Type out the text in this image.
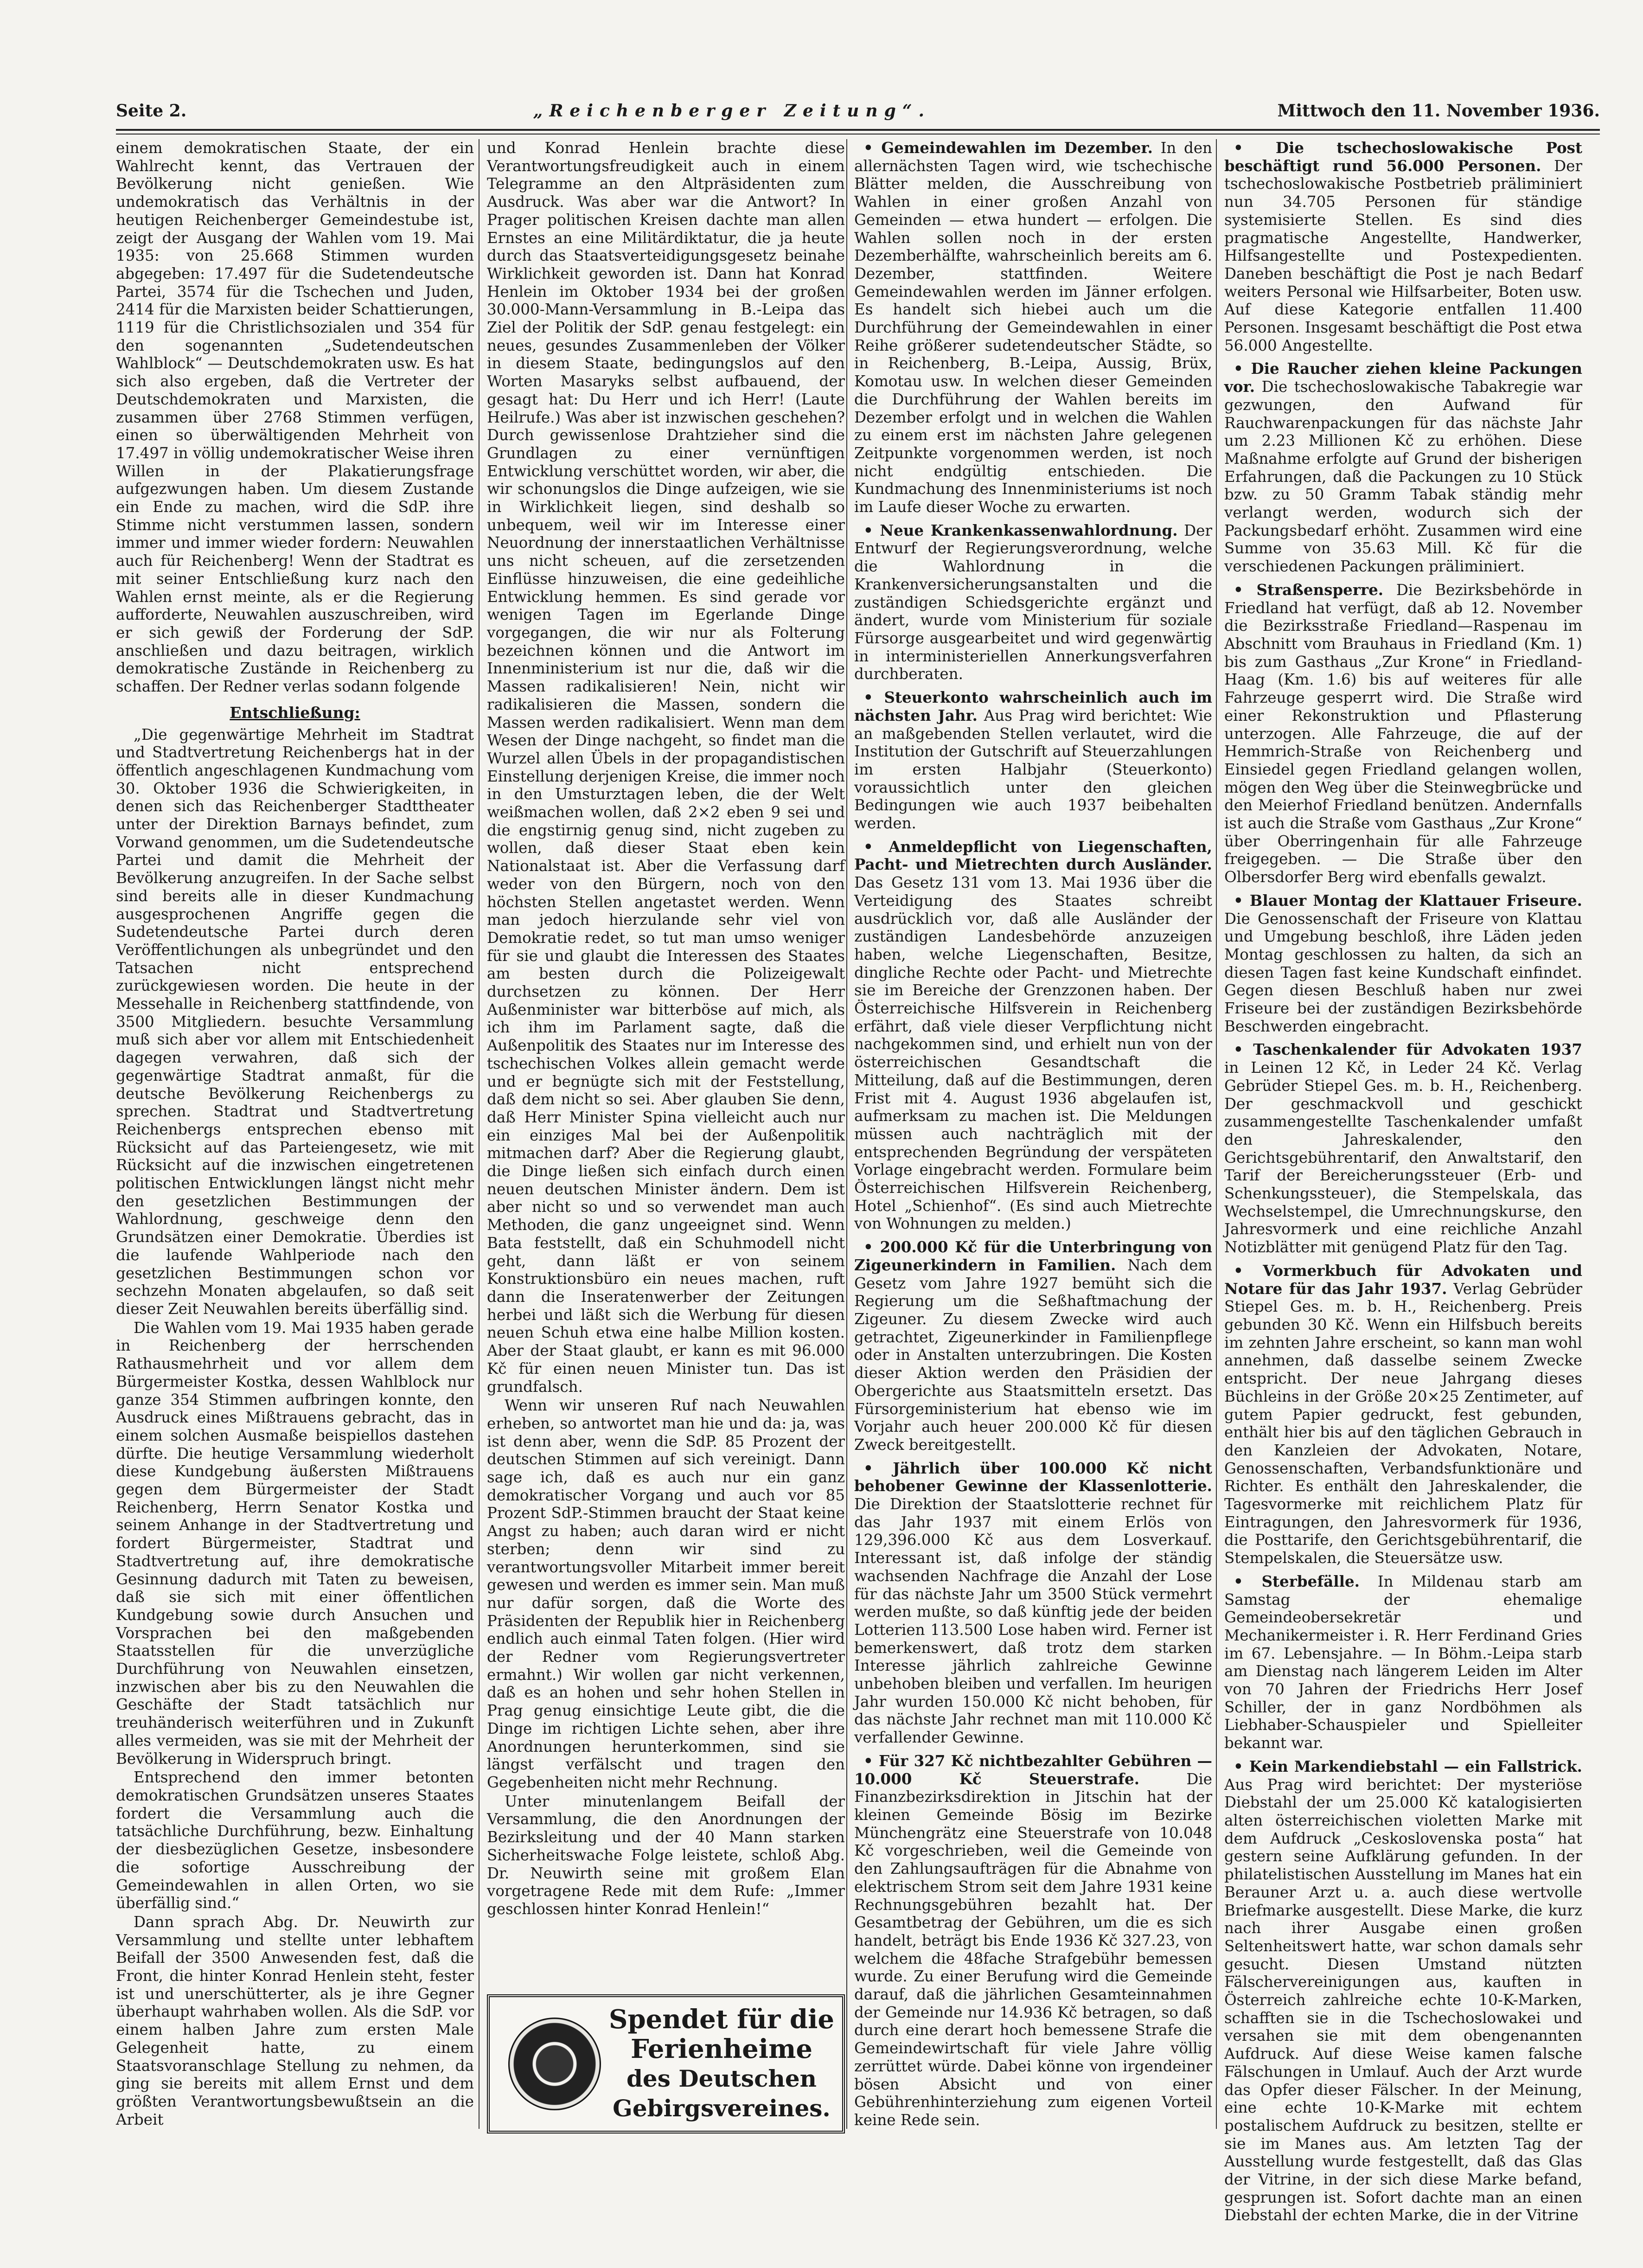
Seite 2.	„Reichenberger Zeitung“.	Mittwoch den 11. November 1936.

einem demokratischen Staate, der ein Wahlrecht kennt, das Vertrauen der Bevölkerung nicht genießen. Wie undemokratisch das Verhältnis in der heutigen Reichenberger Gemeindestube ist, zeigt der Ausgang der Wahlen vom 19. Mai 1935: von 25.668 Stimmen wurden abgegeben: 17.497 für die Sudetendeutsche Partei, 3574 für die Tschechen und Juden, 2414 für die Marxisten beider Schattierungen, 1119 für die Christlichsozialen und 354 für den sogenannten „Sudetendeutschen Wahlblock“ — Deutschdemokraten usw. Es hat sich also ergeben, daß die Vertreter der Deutschdemokraten und Marxisten, die zusammen über 2768 Stimmen verfügen, einen so überwältigenden Mehrheit von 17.497 in völlig undemokratischer Weise ihren Willen in der Plakatierungsfrage aufgezwungen haben. Um diesem Zustande ein Ende zu machen, wird die SdP. ihre Stimme nicht verstummen lassen, sondern immer und immer wieder fordern: Neuwahlen auch für Reichenberg! Wenn der Stadtrat es mit seiner Entschließung kurz nach den Wahlen ernst meinte, als er die Regierung aufforderte, Neuwahlen auszuschreiben, wird er sich gewiß der Forderung der SdP. anschließen und dazu beitragen, wirklich demokratische Zustände in Reichenberg zu schaffen. Der Redner verlas sodann folgende

Entschließung:

„Die gegenwärtige Mehrheit im Stadtrat und Stadtvertretung Reichenbergs hat in der öffentlich angeschlagenen Kundmachung vom 30. Oktober 1936 die Schwierigkeiten, in denen sich das Reichenberger Stadttheater unter der Direktion Barnays befindet, zum Vorwand genommen, um die Sudetendeutsche Partei und damit die Mehrheit der Bevölkerung anzugreifen. In der Sache selbst sind bereits alle in dieser Kundmachung ausgesprochenen Angriffe gegen die Sudetendeutsche Partei durch deren Veröffentlichungen als unbegründet und den Tatsachen nicht entsprechend zurückgewiesen worden. Die heute in der Messehalle in Reichenberg stattfindende, von 3500 Mitgliedern. besuchte Versammlung muß sich aber vor allem mit Entschiedenheit dagegen verwahren, daß sich der gegenwärtige Stadtrat anmaßt, für die deutsche Bevölkerung Reichenbergs zu sprechen. Stadtrat und Stadtvertretung Reichenbergs entsprechen ebenso mit Rücksicht auf das Parteiengesetz, wie mit Rücksicht auf die inzwischen eingetretenen politischen Entwicklungen längst nicht mehr den gesetzlichen Bestimmungen der Wahlordnung, geschweige denn den Grundsätzen einer Demokratie. Überdies ist die laufende Wahlperiode nach den gesetzlichen Bestimmungen schon vor sechzehn Monaten abgelaufen, so daß seit dieser Zeit Neuwahlen bereits überfällig sind.

Die Wahlen vom 19. Mai 1935 haben gerade in Reichenberg der herrschenden Rathausmehrheit und vor allem dem Bürgermeister Kostka, dessen Wahlblock nur ganze 354 Stimmen aufbringen konnte, den Ausdruck eines Mißtrauens gebracht, das in einem solchen Ausmaße beispiellos dastehen dürfte. Die heutige Versammlung wiederholt diese Kundgebung äußersten Mißtrauens gegen dem Bürgermeister der Stadt Reichenberg, Herrn Senator Kostka und seinem Anhange in der Stadtvertretung und fordert Bürgermeister, Stadtrat und Stadtvertretung auf, ihre demokratische Gesinnung dadurch mit Taten zu beweisen, daß sie sich mit einer öffentlichen Kundgebung sowie durch Ansuchen und Vorsprachen bei den maßgebenden Staatsstellen für die unverzügliche Durchführung von Neuwahlen einsetzen, inzwischen aber bis zu den Neuwahlen die Geschäfte der Stadt tatsächlich nur treuhänderisch weiterführen und in Zukunft alles vermeiden, was sie mit der Mehrheit der Bevölkerung in Widerspruch bringt.

Entsprechend den immer betonten demokratischen Grundsätzen unseres Staates fordert die Versammlung auch die tatsächliche Durchführung, bezw. Einhaltung der diesbezüglichen Gesetze, insbesondere die sofortige Ausschreibung der Gemeindewahlen in allen Orten, wo sie überfällig sind.“

Dann sprach Abg. Dr. Neuwirth zur Versammlung und stellte unter lebhaftem Beifall der 3500 Anwesenden fest, daß die Front, die hinter Konrad Henlein steht, fester ist und unerschütterter, als je ihre Gegner überhaupt wahrhaben wollen. Als die SdP. vor einem halben Jahre zum ersten Male Gelegenheit hatte, zu einem Staatsvoranschlage Stellung zu nehmen, da ging sie bereits mit allem Ernst und dem größten Verantwortungsbewußtsein an die Arbeit

und Konrad Henlein brachte diese Verantwortungsfreudigkeit auch in einem Telegramme an den Altpräsidenten zum Ausdruck. Was aber war die Antwort? In Prager politischen Kreisen dachte man allen Ernstes an eine Militärdiktatur, die ja heute durch das Staatsverteidigungsgesetz beinahe Wirklichkeit geworden ist. Dann hat Konrad Henlein im Oktober 1934 bei der großen 30.000-Mann-Versammlung in B.-Leipa das Ziel der Politik der SdP. genau festgelegt: ein neues, gesundes Zusammenleben der Völker in diesem Staate, bedingungslos auf den Worten Masaryks selbst aufbauend, der gesagt hat: Du Herr und ich Herr! (Laute Heilrufe.) Was aber ist inzwischen geschehen? Durch gewissenlose Drahtzieher sind die Grundlagen zu einer vernünftigen Entwicklung verschüttet worden, wir aber, die wir schonungslos die Dinge aufzeigen, wie sie in Wirklichkeit liegen, sind deshalb so unbequem, weil wir im Interesse einer Neuordnung der innerstaatlichen Verhältnisse uns nicht scheuen, auf die zersetzenden Einflüsse hinzuweisen, die eine gedeihliche Entwicklung hemmen. Es sind gerade vor wenigen Tagen im Egerlande Dinge vorgegangen, die wir nur als Folterung bezeichnen können und die Antwort im Innenministerium ist nur die, daß wir die Massen radikalisieren! Nein, nicht wir radikalisieren die Massen, sondern die Massen werden radikalisiert. Wenn man dem Wesen der Dinge nachgeht, so findet man die Wurzel allen Übels in der propagandistischen Einstellung derjenigen Kreise, die immer noch in den Umsturztagen leben, die der Welt weißmachen wollen, daß 2×2 eben 9 sei und die engstirnig genug sind, nicht zugeben zu wollen, daß dieser Staat eben kein Nationalstaat ist. Aber die Verfassung darf weder von den Bürgern, noch von den höchsten Stellen angetastet werden. Wenn man jedoch hierzulande sehr viel von Demokratie redet, so tut man umso weniger für sie und glaubt die Interessen des Staates am besten durch die Polizeigewalt durchsetzen zu können. Der Herr Außenminister war bitterböse auf mich, als ich ihm im Parlament sagte, daß die Außenpolitik des Staates nur im Interesse des tschechischen Volkes allein gemacht werde und er begnügte sich mit der Feststellung, daß dem nicht so sei. Aber glauben Sie denn, daß Herr Minister Spina vielleicht auch nur ein einziges Mal bei der Außenpolitik mitmachen darf? Aber die Regierung glaubt, die Dinge ließen sich einfach durch einen neuen deutschen Minister ändern. Dem ist aber nicht so und so verwendet man auch Methoden, die ganz ungeeignet sind. Wenn Bata feststellt, daß ein Schuhmodell nicht geht, dann läßt er von seinem Konstruktionsbüro ein neues machen, ruft dann die Inseratenwerber der Zeitungen herbei und läßt sich die Werbung für diesen neuen Schuh etwa eine halbe Million kosten. Aber der Staat glaubt, er kann es mit 96.000 Kč für einen neuen Minister tun. Das ist grundfalsch.

Wenn wir unseren Ruf nach Neuwahlen erheben, so antwortet man hie und da: ja, was ist denn aber, wenn die SdP. 85 Prozent der deutschen Stimmen auf sich vereinigt. Dann sage ich, daß es auch nur ein ganz demokratischer Vorgang und auch vor 85 Prozent SdP.-Stimmen braucht der Staat keine Angst zu haben; auch daran wird er nicht sterben; denn wir sind zu verantwortungsvoller Mitarbeit immer bereit gewesen und werden es immer sein. Man muß nur dafür sorgen, daß die Worte des Präsidenten der Republik hier in Reichenberg endlich auch einmal Taten folgen. (Hier wird der Redner vom Regierungsvertreter ermahnt.) Wir wollen gar nicht verkennen, daß es an hohen und sehr hohen Stellen in Prag genug einsichtige Leute gibt, die die Dinge im richtigen Lichte sehen, aber ihre Anordnungen herunterkommen, sind sie längst verfälscht und tragen den Gegebenheiten nicht mehr Rechnung.

Unter minutenlangem Beifall der Versammlung, die den Anordnungen der Bezirksleitung und der 40 Mann starken Sicherheitswache Folge leistete, schloß Abg. Dr. Neuwirth seine mit großem Elan vorgetragene Rede mit dem Rufe: „Immer geschlossen hinter Konrad Henlein!“

Spendet für die
Ferienheime
des Deutschen
Gebirgsvereines.
• Gemeindewahlen im Dezember. In den allernächsten Tagen wird, wie tschechische Blätter melden, die Ausschreibung von Wahlen in einer großen Anzahl von Gemeinden — etwa hundert — erfolgen. Die Wahlen sollen noch in der ersten Dezemberhälfte, wahrscheinlich bereits am 6. Dezember, stattfinden. Weitere Gemeindewahlen werden im Jänner erfolgen. Es handelt sich hiebei auch um die Durchführung der Gemeindewahlen in einer Reihe größerer sudetendeutscher Städte, so in Reichenberg, B.-Leipa, Aussig, Brüx, Komotau usw. In welchen dieser Gemeinden die Durchführung der Wahlen bereits im Dezember erfolgt und in welchen die Wahlen zu einem erst im nächsten Jahre gelegenen Zeitpunkte vorgenommen werden, ist noch nicht endgültig entschieden. Die Kundmachung des Innenministeriums ist noch im Laufe dieser Woche zu erwarten.
• Neue Krankenkassenwahlordnung. Der Entwurf der Regierungsverordnung, welche die Wahlordnung in die Krankenversicherungsanstalten und die zuständigen Schiedsgerichte ergänzt und ändert, wurde vom Ministerium für soziale Fürsorge ausgearbeitet und wird gegenwärtig in interministeriellen Annerkungsverfahren durchberaten.
• Steuerkonto wahrscheinlich auch im nächsten Jahr. Aus Prag wird berichtet: Wie an maßgebenden Stellen verlautet, wird die Institution der Gutschrift auf Steuerzahlungen im ersten Halbjahr (Steuerkonto) voraussichtlich unter den gleichen Bedingungen wie auch 1937 beibehalten werden.
• Anmeldepflicht von Liegenschaften, Pacht- und Mietrechten durch Ausländer. Das Gesetz 131 vom 13. Mai 1936 über die Verteidigung des Staates schreibt ausdrücklich vor, daß alle Ausländer der zuständigen Landesbehörde anzuzeigen haben, welche Liegenschaften, Besitze, dingliche Rechte oder Pacht- und Mietrechte sie im Bereiche der Grenzzonen haben. Der Österreichische Hilfsverein in Reichenberg erfährt, daß viele dieser Verpflichtung nicht nachgekommen sind, und erhielt nun von der österreichischen Gesandtschaft die Mitteilung, daß auf die Bestimmungen, deren Frist mit 4. August 1936 abgelaufen ist, aufmerksam zu machen ist. Die Meldungen müssen auch nachträglich mit der entsprechenden Begründung der verspäteten Vorlage eingebracht werden. Formulare beim Österreichischen Hilfsverein Reichenberg, Hotel „Schienhof“. (Es sind auch Mietrechte von Wohnungen zu melden.)
• 200.000 Kč für die Unterbringung von Zigeunerkindern in Familien. Nach dem Gesetz vom Jahre 1927 bemüht sich die Regierung um die Seßhaftmachung der Zigeuner. Zu diesem Zwecke wird auch getrachtet, Zigeunerkinder in Familienpflege oder in Anstalten unterzubringen. Die Kosten dieser Aktion werden den Präsidien der Obergerichte aus Staatsmitteln ersetzt. Das Fürsorgeministerium hat ebenso wie im Vorjahr auch heuer 200.000 Kč für diesen Zweck bereitgestellt.
• Jährlich über 100.000 Kč nicht behobener Gewinne der Klassenlotterie. Die Direktion der Staatslotterie rechnet für das Jahr 1937 mit einem Erlös von 129,396.000 Kč aus dem Losverkauf. Interessant ist, daß infolge der ständig wachsenden Nachfrage die Anzahl der Lose für das nächste Jahr um 3500 Stück vermehrt werden mußte, so daß künftig jede der beiden Lotterien 113.500 Lose haben wird. Ferner ist bemerkenswert, daß trotz dem starken Interesse jährlich zahlreiche Gewinne unbehoben bleiben und verfallen. Im heurigen Jahr wurden 150.000 Kč nicht behoben, für das nächste Jahr rechnet man mit 110.000 Kč verfallender Gewinne.
• Für 327 Kč nichtbezahlter Gebühren — 10.000 Kč Steuerstrafe.	Die Finanzbezirksdirektion in Jitschin hat der kleinen Gemeinde Bösig im Bezirke Münchengrätz eine Steuerstrafe von 10.048 Kč vorgeschrieben, weil die Gemeinde von den Zahlungsaufträgen für die Abnahme von elektrischem Strom seit dem Jahre 1931 keine Rechnungsgebühren bezahlt hat. Der Gesamtbetrag der Gebühren, um die es sich handelt, beträgt bis Ende 1936 Kč 327.23, von welchem die 48fache Strafgebühr bemessen wurde. Zu einer Berufung wird die Gemeinde darauf, daß die jährlichen Gesamteinnahmen der Gemeinde nur 14.936 Kč betragen, so daß durch eine derart hoch bemessene Strafe die Gemeindewirtschaft für viele Jahre völlig zerrüttet würde. Dabei könne von irgendeiner bösen Absicht und von einer Gebührenhinterziehung zum eigenen Vorteil keine Rede sein.
• Die tschechoslowakische Post beschäftigt rund 56.000 Personen. Der tschechoslowakische Postbetrieb präliminiert nun 34.705 Personen für ständige systemisierte Stellen. Es sind dies pragmatische Angestellte, Handwerker, Hilfsangestellte und Postexpedienten. Daneben beschäftigt die Post je nach Bedarf weiters Personal wie Hilfsarbeiter, Boten usw. Auf diese Kategorie entfallen 11.400 Personen. Insgesamt beschäftigt die Post etwa 56.000 Angestellte.
• Die Raucher ziehen kleine Packungen vor. Die tschechoslowakische Tabakregie war gezwungen, den Aufwand für Rauchwarenpackungen für das nächste Jahr um 2.23 Millionen Kč zu erhöhen. Diese Maßnahme erfolgte auf Grund der bisherigen Erfahrungen, daß die Packungen zu 10 Stück bzw. zu 50 Gramm Tabak ständig mehr verlangt werden, wodurch sich der Packungsbedarf erhöht. Zusammen wird eine Summe von 35.63 Mill. Kč für die verschiedenen Packungen präliminiert.
• Straßensperre. Die Bezirksbehörde in Friedland hat verfügt, daß ab 12. November die Bezirksstraße Friedland—Raspenau im Abschnitt vom Brauhaus in Friedland (Km. 1) bis zum Gasthaus „Zur Krone“ in Friedland-Haag (Km. 1.6) bis auf weiteres für alle Fahrzeuge gesperrt wird. Die Straße wird einer Rekonstruktion und Pflasterung unterzogen. Alle Fahrzeuge, die auf der Hemmrich-Straße von Reichenberg und Einsiedel gegen Friedland gelangen wollen, mögen den Weg über die Steinwegbrücke und den Meierhof Friedland benützen. Andernfalls ist auch die Straße vom Gasthaus „Zur Krone“ über Oberringenhain für alle Fahrzeuge freigegeben. — Die Straße über den Olbersdorfer Berg wird ebenfalls gewalzt.
• Blauer Montag der Klattauer Friseure. Die Genossenschaft der Friseure von Klattau und Umgebung beschloß, ihre Läden jeden Montag geschlossen zu halten, da sich an diesen Tagen fast keine Kundschaft einfindet. Gegen diesen Beschluß haben nur zwei Friseure bei der zuständigen Bezirksbehörde Beschwerden eingebracht.
• Taschenkalender für Advokaten 1937 in Leinen 12 Kč, in Leder 24 Kč. Verlag Gebrüder Stiepel Ges. m. b. H., Reichenberg. Der geschmackvoll und geschickt zusammengestellte Taschenkalender umfaßt den Jahreskalender, den Gerichtsgebührentarif, den Anwaltstarif, den Tarif der Bereicherungssteuer (Erb- und Schenkungssteuer), die Stempelskala, das Wechselstempel, die Umrechnungskurse, den Jahresvormerk und eine reichliche Anzahl Notizblätter mit genügend Platz für den Tag.
• Vormerkbuch für Advokaten und Notare für das Jahr 1937. Verlag Gebrüder Stiepel Ges. m. b. H., Reichenberg. Preis gebunden 30 Kč. Wenn ein Hilfsbuch bereits im zehnten Jahre erscheint, so kann man wohl annehmen, daß dasselbe seinem Zwecke entspricht. Der neue Jahrgang dieses Büchleins in der Größe 20×25 Zentimeter, auf gutem Papier gedruckt, fest gebunden, enthält hier bis auf den täglichen Gebrauch in den Kanzleien der Advokaten, Notare, Genossenschaften, Verbandsfunktionäre und Richter. Es enthält den Jahreskalender, die Tagesvormerke mit reichlichem Platz für Eintragungen, den Jahresvormerk für 1936, die Posttarife, den Gerichtsgebührentarif, die Stempelskalen, die Steuersätze usw.
• Sterbefälle. In Mildenau starb am Samstag der ehemalige Gemeindeobersekretär und Mechanikermeister i. R. Herr Ferdinand Gries im 67. Lebensjahre. — In Böhm.-Leipa starb am Dienstag nach längerem Leiden im Alter von 70 Jahren der Friedrichs Herr Josef Schiller, der in ganz Nordböhmen als Liebhaber-Schauspieler und Spielleiter bekannt war.
• Kein Markendiebstahl — ein Fallstrick. Aus Prag wird berichtet: Der mysteriöse Diebstahl der um 25.000 Kč katalogisierten alten österreichischen violetten Marke mit dem Aufdruck „Ceskoslovenska posta“ hat gestern seine Aufklärung gefunden. In der philatelistischen Ausstellung im Manes hat ein Berauner Arzt u. a. auch diese wertvolle Briefmarke ausgestellt. Diese Marke, die kurz nach ihrer Ausgabe einen großen Seltenheitswert hatte, war schon damals sehr gesucht. Diesen Umstand nützten Fälschervereinigungen aus, kauften in Österreich zahlreiche echte 10-K-Marken, schafften sie in die Tschechoslowakei und versahen sie mit dem obengenannten Aufdruck. Auf diese Weise kamen falsche Fälschungen in Umlauf. Auch der Arzt wurde das Opfer dieser Fälscher. In der Meinung, eine echte 10-K-Marke mit echtem postalischem Aufdruck zu besitzen, stellte er sie im Manes aus. Am letzten Tag der Ausstellung wurde festgestellt, daß das Glas der Vitrine, in der sich diese Marke befand, gesprungen ist. Sofort dachte man an einen Diebstahl der echten Marke, die in der Vitrine
